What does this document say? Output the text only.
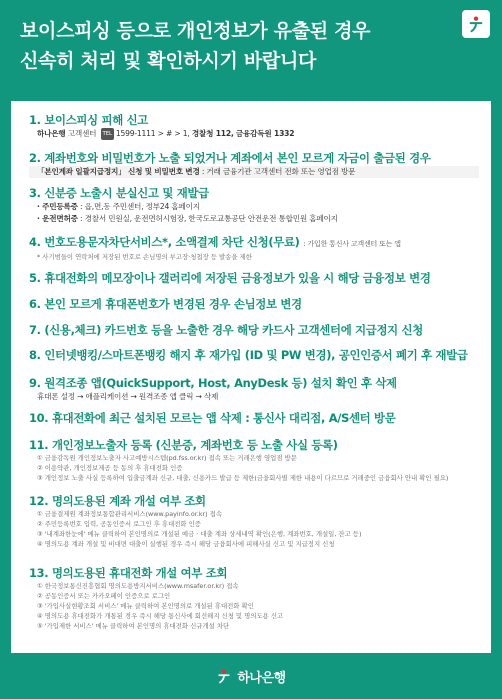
보이스피싱 등으로 개인정보가 유출된 경우
신속히 처리 및 확인하시기 바랍니다
1. 보이스피싱 피해 신고
하나은행 고객센터 TEL 1599-1111 > # > 1, 경찰청 112, 금융감독원 1332
2. 계좌번호와 비밀번호가 노출 되었거나 계좌에서 본인 모르게 자금이 출금된 경우
「본인계좌 일괄지급정지」 신청 및 비밀번호 변경 : 거래 금융기관 고객센터 전화 또는 영업점 방문
3. 신분증 노출시 분실신고 및 재발급
· 주민등록증 : 읍,면,동 주민센터, 정부24 홈페이지
· 운전면허증 : 경찰서 민원실, 운전면허시험장, 한국도로교통공단 안전운전 통합민원 홈페이지
4. 번호도용문자차단서비스*, 소액결제 차단 신청(무료) : 가입한 통신사 고객센터 또는 앱
* 사기범들이 연락처에 저장된 번호로 손님명의 부고장·청첩장 등 발송을 제한
5. 휴대전화의 메모장이나 갤러리에 저장된 금융정보가 있을 시 해당 금융정보 변경
6. 본인 모르게 휴대폰번호가 변경된 경우 손님정보 변경
7. (신용,체크) 카드번호 등을 노출한 경우 해당 카드사 고객센터에 지급정지 신청
8. 인터넷뱅킹/스마트폰뱅킹 해지 후 재가입 (ID 및 PW 변경), 공인인증서 폐기 후 재발급
9. 원격조종 앱(QuickSupport, Host, AnyDesk 등) 설치 확인 후 삭제
휴대폰 설정 → 애플리케이션 → 원격조종 앱 클릭 → 삭제
10. 휴대전화에 최근 설치된 모르는 앱 삭제 : 통신사 대리점, A/S센터 방문
11. 개인정보노출자 등록 (신분증, 계좌번호 등 노출 사실 등록)
① 금융감독원 개인정보노출자 사고예방시스템(pd.fss.or.kr) 접속 또는 거래은행 영업점 방문
② 이용약관, 개인정보제공 등 동의 후 휴대전화 인증
③ 개인정보 노출 사실 등록하여 입출금계좌 신규, 대출, 신용카드 발급 등 제한(금융회사별 제한 내용이 다르므로 거래중인 금융회사 안내 확인 필요)
12. 명의도용된 계좌 개설 여부 조회
① 금융결제원 계좌정보통합관리서비스(www.payinfo.or.kr) 접속
② 주민등록번호 입력, 공동인증서 로그인 후 휴대전화 인증
③ '내계좌한눈에' 메뉴 클릭하여 본인명의로 개설된 예금 · 대출 계좌 상세내역 확인(은행, 계좌번호, 개설일, 잔고 등)
④ 명의도용 계좌 개설 및 비대면 대출이 실행된 경우 즉시 해당 금융회사에 피해사실 신고 및 지급정지 신청
13. 명의도용된 휴대전화 개설 여부 조회
① 한국정보통신진흥협회 명의도용방지서비스(www.msafer.or.kr) 접속
② 공동인증서 또는 카카오페이 인증으로 로그인
③ '가입사실현황조회 서비스' 메뉴 클릭하여 본인명의로 개설된 휴대전화 확인
④ 명의도용 휴대전화가 개통된 경우 즉시 해당 통신사에 회선해지 신청 및 명의도용 신고
⑤ '가입제한 서비스' 메뉴 클릭하여 본인명의 휴대전화 신규개설 차단
하나은행
